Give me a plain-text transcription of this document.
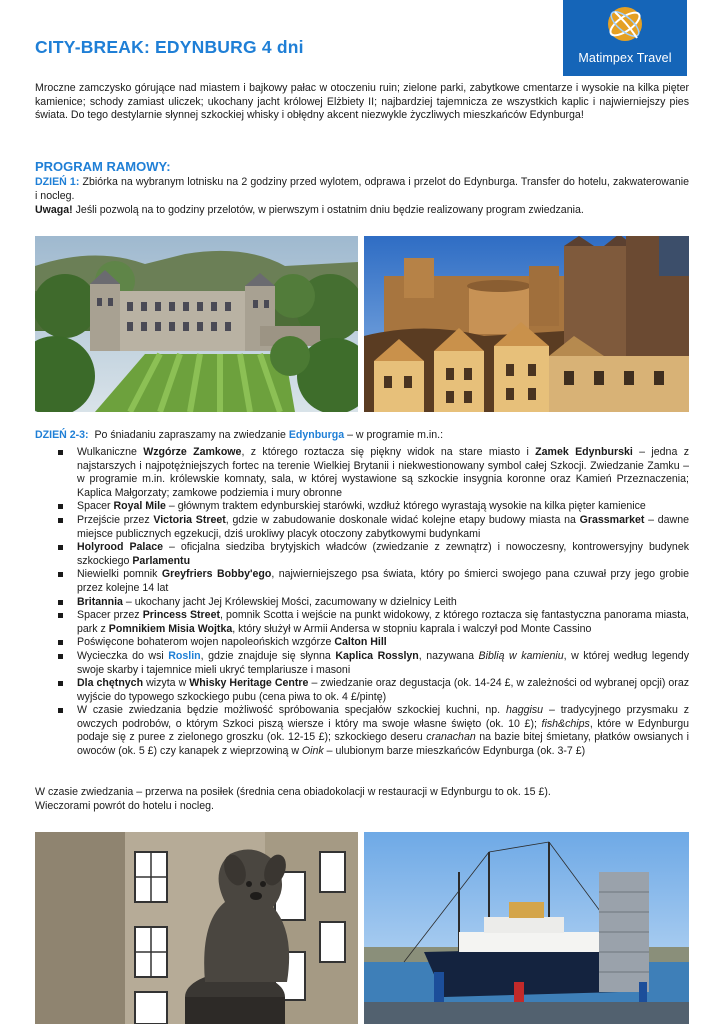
Matimpex Travel
CITY-BREAK: EDYNBURG 4 dni
Mroczne zamczysko górujące nad miastem i bajkowy pałac w otoczeniu ruin; zielone parki, zabytkowe cmentarze i wysokie na kilka pięter kamienice; schody zamiast uliczek; ukochany jacht królowej Elżbiety II; najbardziej tajemnicza ze wszystkich kaplic i najwierniejszy pies świata. Do tego destylarnie słynnej szkockiej whisky i obłędny akcent niezwykle życzliwych mieszkańców Edynburga!
PROGRAM RAMOWY:
DZIEŃ 1: Zbiórka na wybranym lotnisku na 2 godziny przed wylotem, odprawa i przelot do Edynburga. Transfer do hotelu, zakwaterowanie i nocleg.
Uwaga! Jeśli pozwolą na to godziny przelotów, w pierwszym i ostatnim dniu będzie realizowany program zwiedzania.
DZIEŃ 2-3: Po śniadaniu zapraszamy na zwiedzanie Edynburga – w programie m.in.:
Wulkaniczne Wzgórze Zamkowe, z którego roztacza się piękny widok na stare miasto i Zamek Edynburski – jedna z najstarszych i najpotężniejszych fortec na terenie Wielkiej Brytanii i niekwestionowany symbol całej Szkocji. Zwiedzanie Zamku – w programie m.in. królewskie komnaty, sala, w której wystawione są szkockie insygnia koronne oraz Kamień Przeznaczenia; Kaplica Małgorzaty; zamkowe podziemia i mury obronne
Spacer Royal Mile – głównym traktem edynburskiej starówki, wzdłuż którego wyrastają wysokie na kilka pięter kamienice
Przejście przez Victoria Street, gdzie w zabudowanie doskonale widać kolejne etapy budowy miasta na Grassmarket – dawne miejsce publicznych egzekucji, dziś urokliwy placyk otoczony zabytkowymi budynkami
Holyrood Palace – oficjalna siedziba brytyjskich władców (zwiedzanie z zewnątrz) i nowoczesny, kontrowersyjny budynek szkockiego Parlamentu
Niewielki pomnik Greyfriers Bobby'ego, najwierniejszego psa świata, który po śmierci swojego pana czuwał przy jego grobie przez kolejne 14 lat
Britannia – ukochany jacht Jej Królewskiej Mości, zacumowany w dzielnicy Leith
Spacer przez Princess Street, pomnik Scotta i wejście na punkt widokowy, z którego roztacza się fantastyczna panorama miasta, park z Pomnikiem Misia Wojtka, który służył w Armii Andersa w stopniu kaprala i walczył pod Monte Cassino
Poświęcone bohaterom wojen napoleońskich wzgórze Calton Hill
Wycieczka do wsi Roslin, gdzie znajduje się słynna Kaplica Rosslyn, nazywana Biblią w kamieniu, w której według legendy swoje skarby i tajemnice mieli ukryć templariusze i masoni
Dla chętnych wizyta w Whisky Heritage Centre – zwiedzanie oraz degustacja (ok. 14-24 £, w zależności od wybranej opcji) oraz wyjście do typowego szkockiego pubu (cena piwa to ok. 4 £/pintę)
W czasie zwiedzania będzie możliwość spróbowania specjałów szkockiej kuchni, np. haggisu – tradycyjnego przysmaku z owczych podrobów, o którym Szkoci piszą wiersze i który ma swoje własne święto (ok. 10 £); fish&chips, które w Edynburgu podaje się z puree z zielonego groszku (ok. 12-15 £); szkockiego deseru cranachan na bazie bitej śmietany, płatków owsianych i owoców (ok. 5 £) czy kanapek z wieprzowiną w Oink – ulubionym barze mieszkańców Edynburga (ok. 3-7 £)
W czasie zwiedzania – przerwa na posiłek (średnia cena obiadokolacji w restauracji w Edynburgu to ok. 15 £).
Wieczorami powrót do hotelu i nocleg.
